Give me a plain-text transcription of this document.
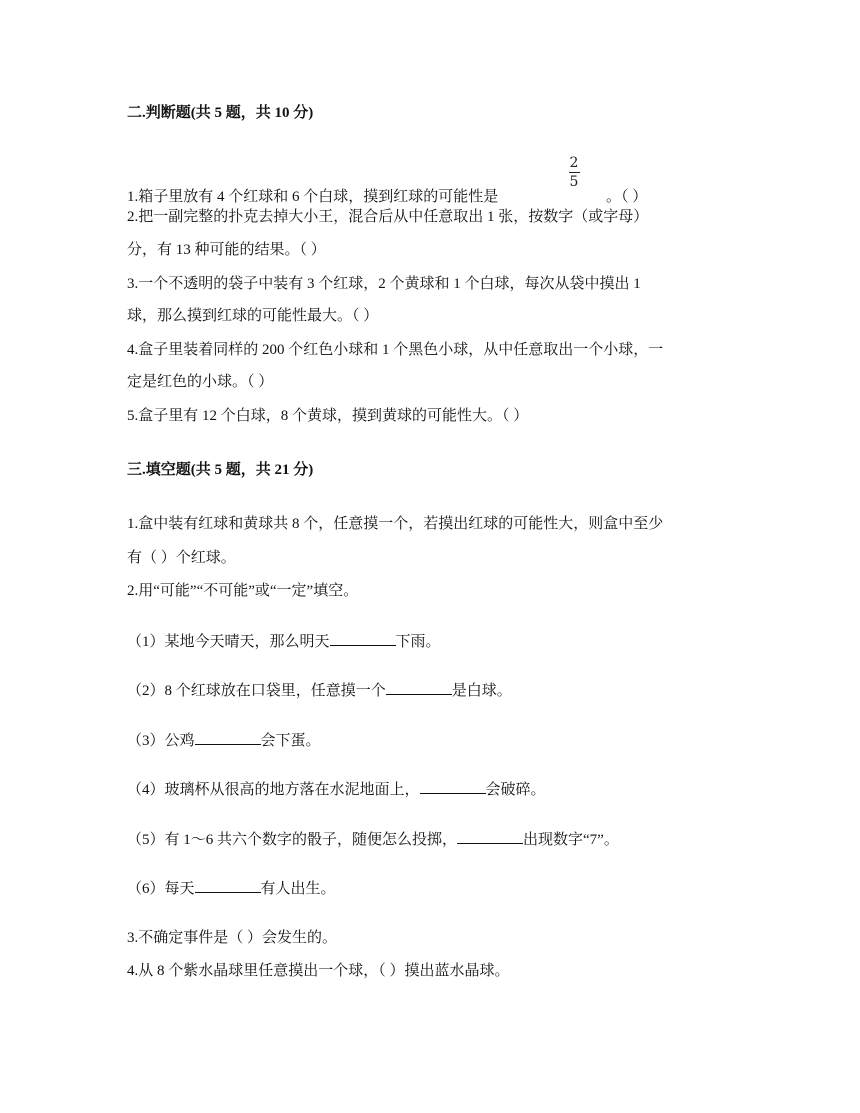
二.判断题(共 5 题，共 10 分)
1.箱子里放有 4 个红球和 6 个白球，摸到红球的可能性是
2
5
。（ ）
2.把一副完整的扑克去掉大小王，混合后从中任意取出 1 张，按数字（或字母）
分，有 13 种可能的结果。（ ）
3.一个不透明的袋子中装有 3 个红球，2 个黄球和 1 个白球，每次从袋中摸出 1
球，那么摸到红球的可能性最大。（ ）
4.盒子里装着同样的 200 个红色小球和 1 个黑色小球，从中任意取出一个小球，一
定是红色的小球。（ ）
5.盒子里有 12 个白球，8 个黄球，摸到黄球的可能性大。（ ）
三.填空题(共 5 题，共 21 分)
1.盒中装有红球和黄球共 8 个，任意摸一个，若摸出红球的可能性大，则盒中至少
有（ ）个红球。
2.用“可能”“不可能”或“一定”填空。
（1）某地今天晴天，那么明天	下雨。
（2）8 个红球放在口袋里，任意摸一个	是白球。
（3）公鸡	会下蛋。
（4）玻璃杯从很高的地方落在水泥地面上，	会破碎。
（5）有 1～6 共六个数字的骰子，随便怎么投掷，	出现数字“7”。
（6）每天	有人出生。
3.不确定事件是（ ）会发生的。
4.从 8 个紫水晶球里任意摸出一个球，（ ）摸出蓝水晶球。
